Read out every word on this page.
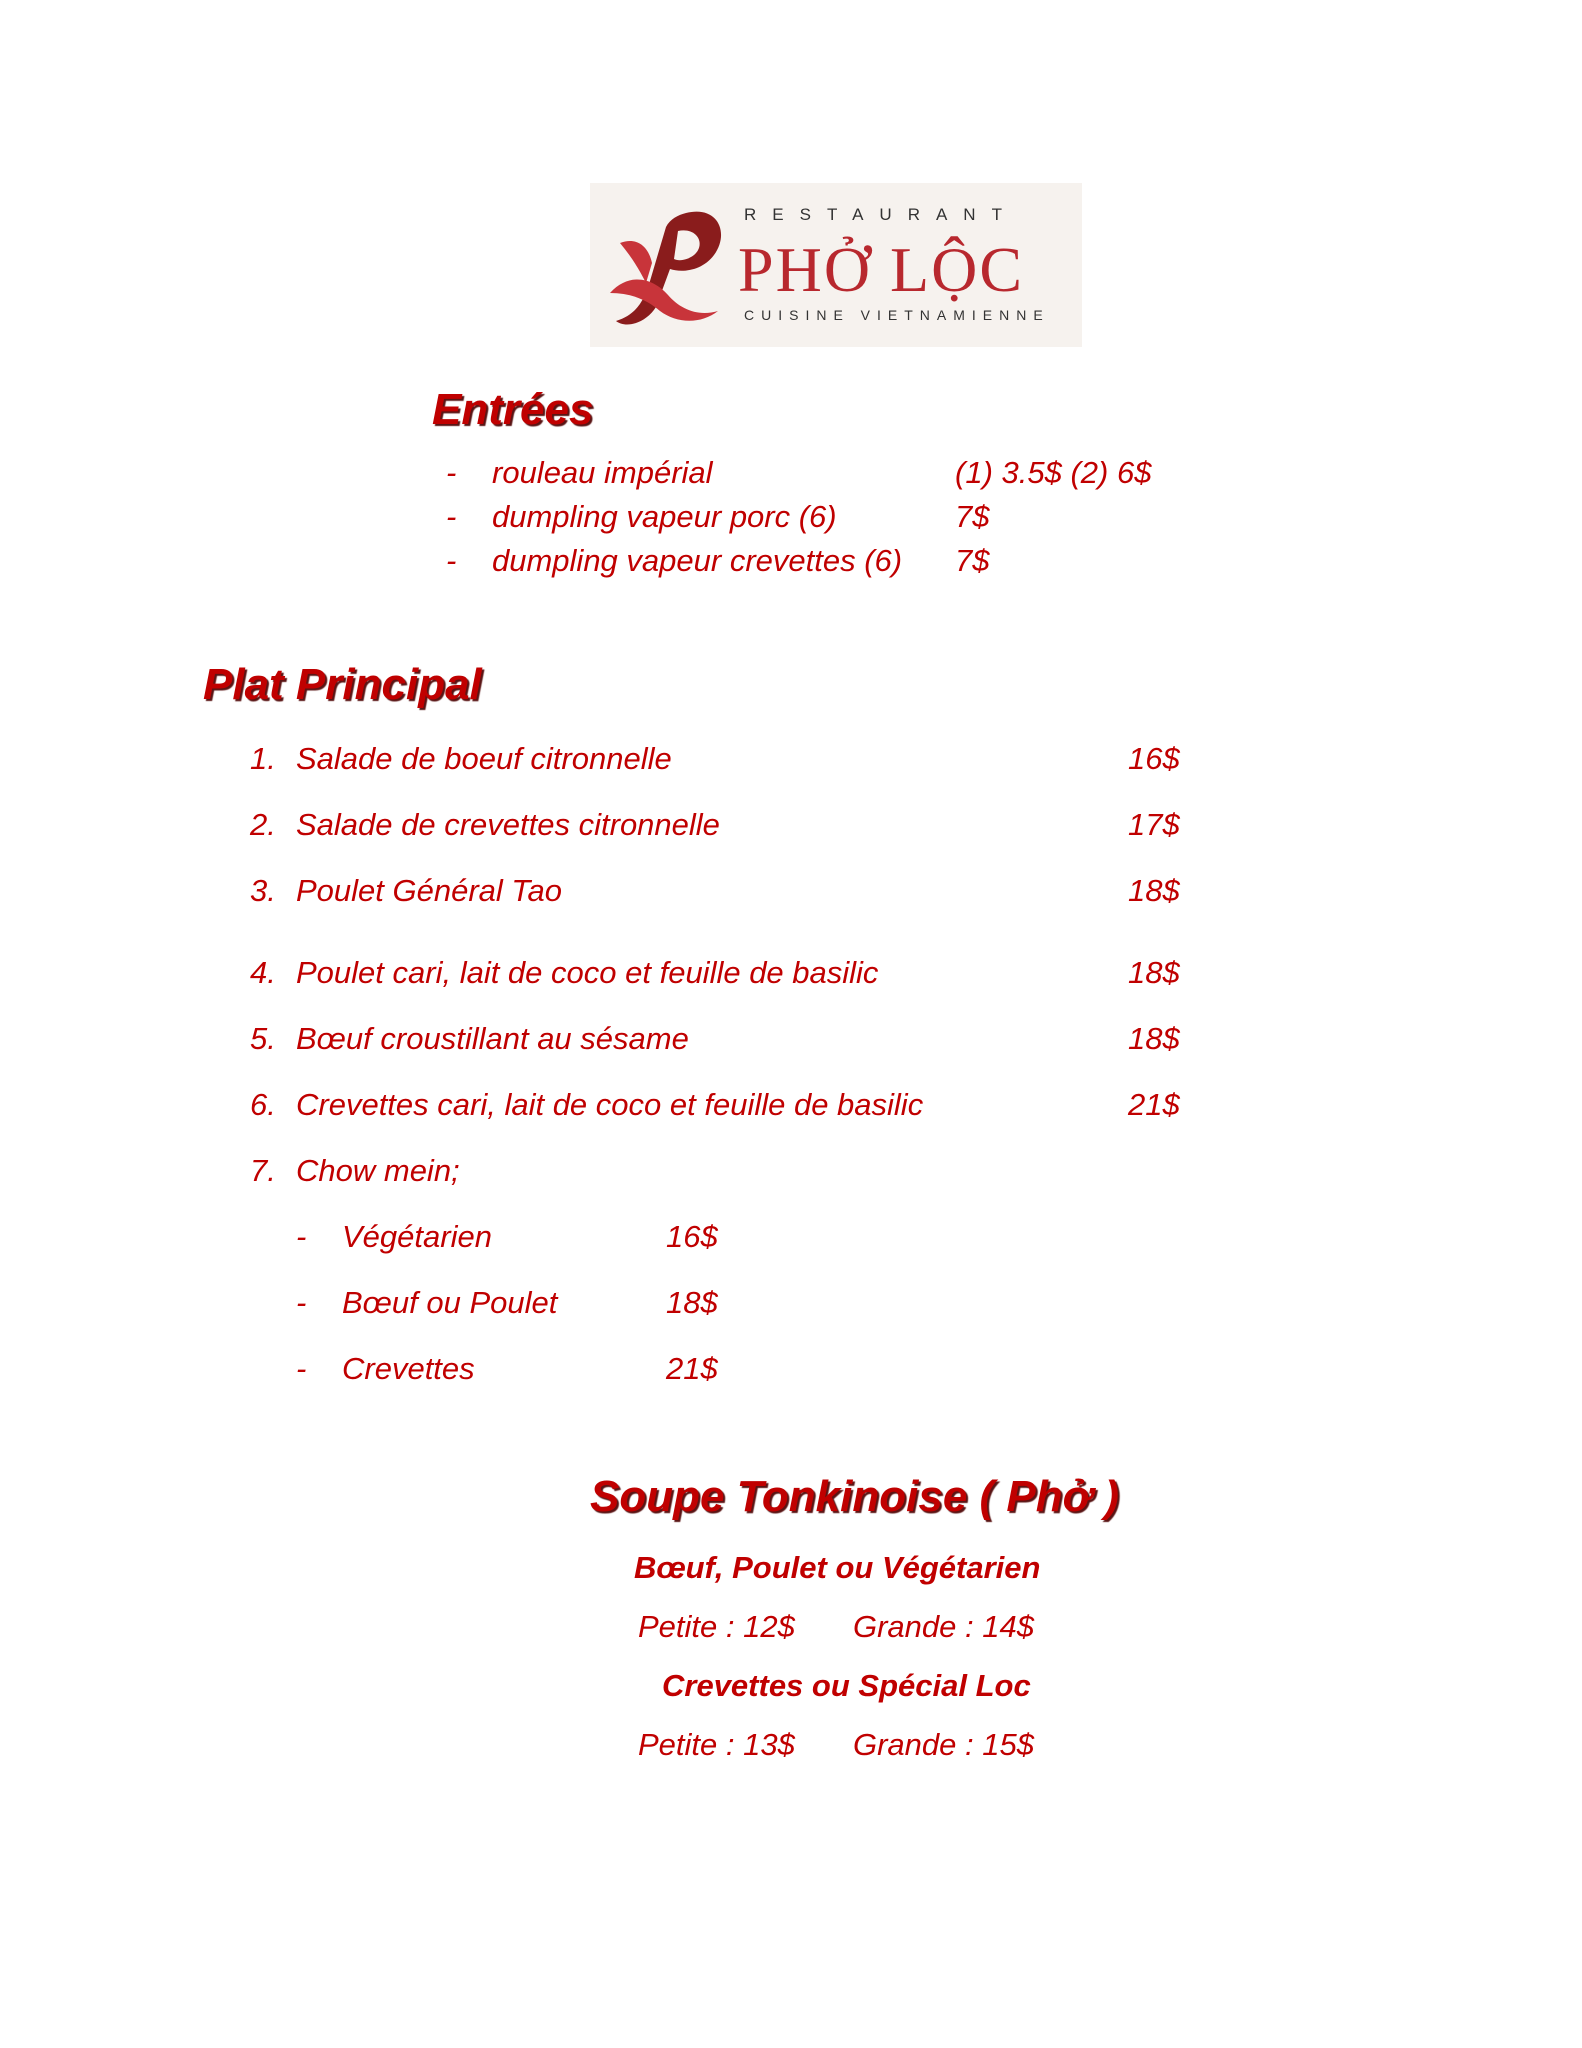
RESTAURANT
PHỞ LỘC
CUISINE VIETNAMIENNE
Entrées
- rouleau impérial	(1) 3.5$ (2) 6$
- dumpling vapeur porc (6)	7$
- dumpling vapeur crevettes (6) 7$
Plat Principal
1. Salade de boeuf citronnelle	16$
2. Salade de crevettes citronnelle	17$
3. Poulet Général Tao	18$
4. Poulet cari, lait de coco et feuille de basilic	18$
5. Bœuf croustillant au sésame	18$
6. Crevettes cari, lait de coco et feuille de basilic	21$
7. Chow mein;
- Végétarien	16$
- Bœuf ou Poulet	18$
- Crevettes	21$
Soupe Tonkinoise ( Phở )
Bœuf, Poulet ou Végétarien
Petite : 12$ Grande : 14$
Crevettes ou Spécial Loc
Petite : 13$ Grande : 15$
